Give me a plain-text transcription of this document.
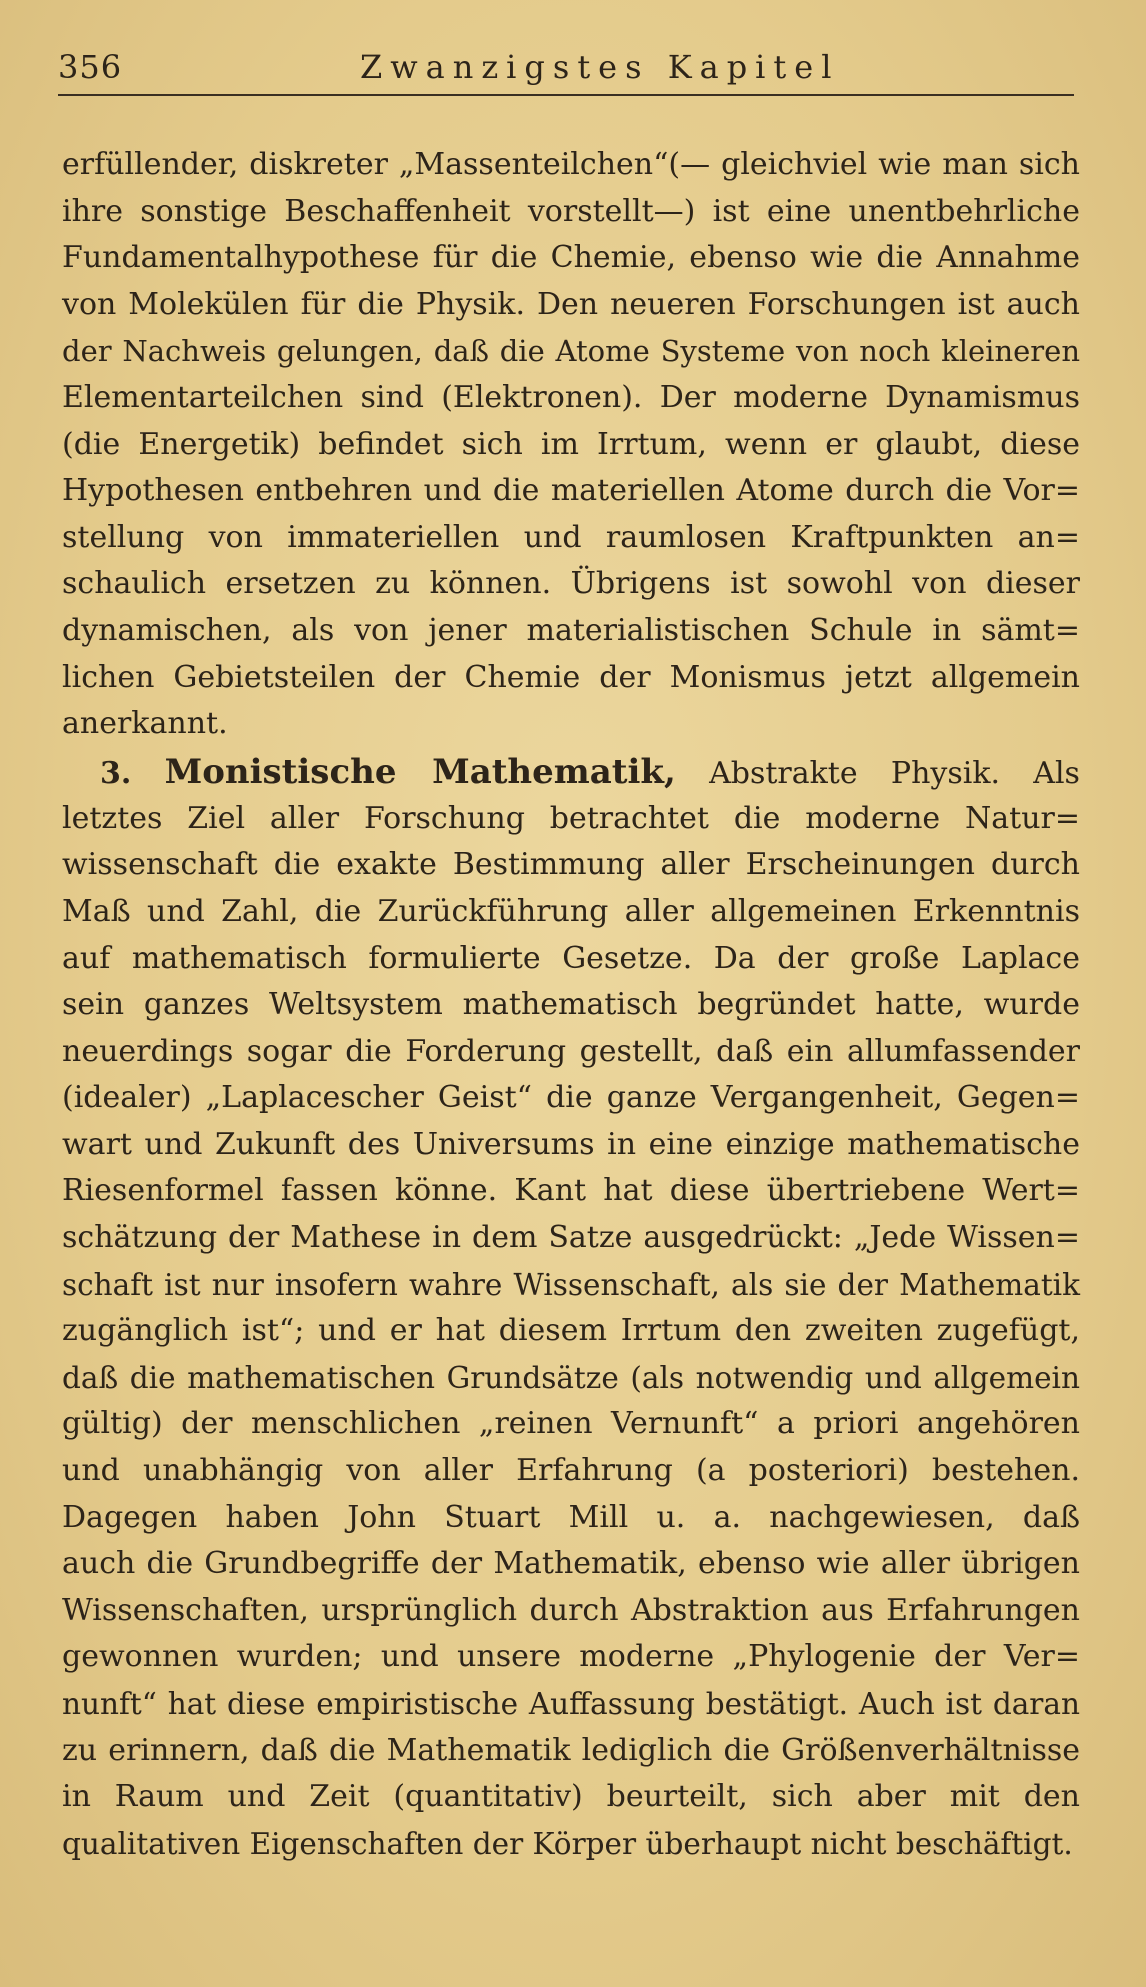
356	Zwanzigstes Kapitel
erfüllender, diskreter „Massenteilchen“(— gleichviel wie man sich
ihre sonstige Beschaffenheit vorstellt—) ist eine unentbehrliche
Fundamentalhypothese für die Chemie, ebenso wie die Annahme
von Molekülen für die Physik. Den neueren Forschungen ist auch
der Nachweis gelungen, daß die Atome Systeme von noch kleineren
Elementarteilchen sind (Elektronen). Der moderne Dynamismus
(die Energetik) befindet sich im Irrtum, wenn er glaubt, diese
Hypothesen entbehren und die materiellen Atome durch die Vor=
stellung von immateriellen und raumlosen Kraftpunkten an=
schaulich ersetzen zu können. Übrigens ist sowohl von dieser
dynamischen, als von jener materialistischen Schule in sämt=
lichen Gebietsteilen der Chemie der Monismus jetzt allgemein
anerkannt.
3. Monistische Mathematik, Abstrakte Physik. Als
letztes Ziel aller Forschung betrachtet die moderne Natur=
wissenschaft die exakte Bestimmung aller Erscheinungen durch
Maß und Zahl, die Zurückführung aller allgemeinen Erkenntnis
auf mathematisch formulierte Gesetze. Da der große Laplace
sein ganzes Weltsystem mathematisch begründet hatte, wurde
neuerdings sogar die Forderung gestellt, daß ein allumfassender
(idealer) „Laplacescher Geist“ die ganze Vergangenheit, Gegen=
wart und Zukunft des Universums in eine einzige mathematische
Riesenformel fassen könne. Kant hat diese übertriebene Wert=
schätzung der Mathese in dem Satze ausgedrückt: „Jede Wissen=
schaft ist nur insofern wahre Wissenschaft, als sie der Mathematik
zugänglich ist“; und er hat diesem Irrtum den zweiten zugefügt,
daß die mathematischen Grundsätze (als notwendig und allgemein
gültig) der menschlichen „reinen Vernunft“ a priori angehören
und unabhängig von aller Erfahrung (a posteriori) bestehen.
Dagegen haben John Stuart Mill u. a. nachgewiesen, daß
auch die Grundbegriffe der Mathematik, ebenso wie aller übrigen
Wissenschaften, ursprünglich durch Abstraktion aus Erfahrungen
gewonnen wurden; und unsere moderne „Phylogenie der Ver=
nunft“ hat diese empiristische Auffassung bestätigt. Auch ist daran
zu erinnern, daß die Mathematik lediglich die Größenverhältnisse
in Raum und Zeit (quantitativ) beurteilt, sich aber mit den
qualitativen Eigenschaften der Körper überhaupt nicht beschäftigt.
